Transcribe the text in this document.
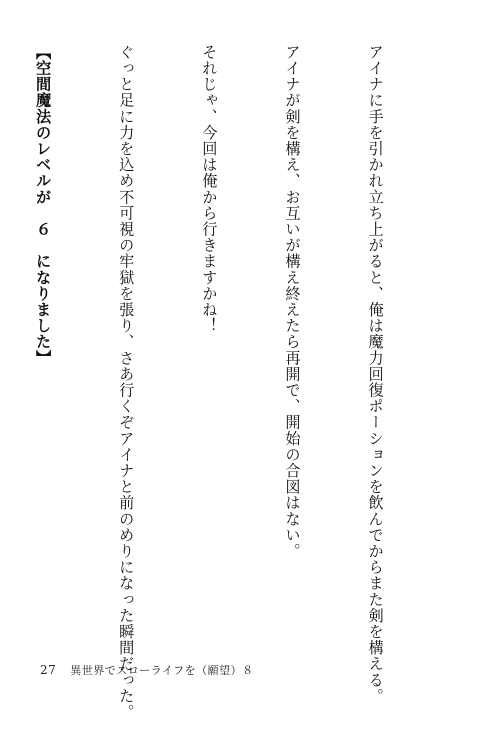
アイナに手を引かれ立ち上がると、俺は魔力回復ポーションを飲んでからまた剣を構える。

アイナが剣を構え、お互いが構え終えたら再開で、開始の合図はない。

それじゃ、今回は俺から行きますかね！

ぐっと足に力を込め不可視の牢獄を張り、さあ行くぞアイナと前のめりになった瞬間だった。

【空間魔法のレベルが　６　になりました】

27 異世界でスローライフを（願望）８
